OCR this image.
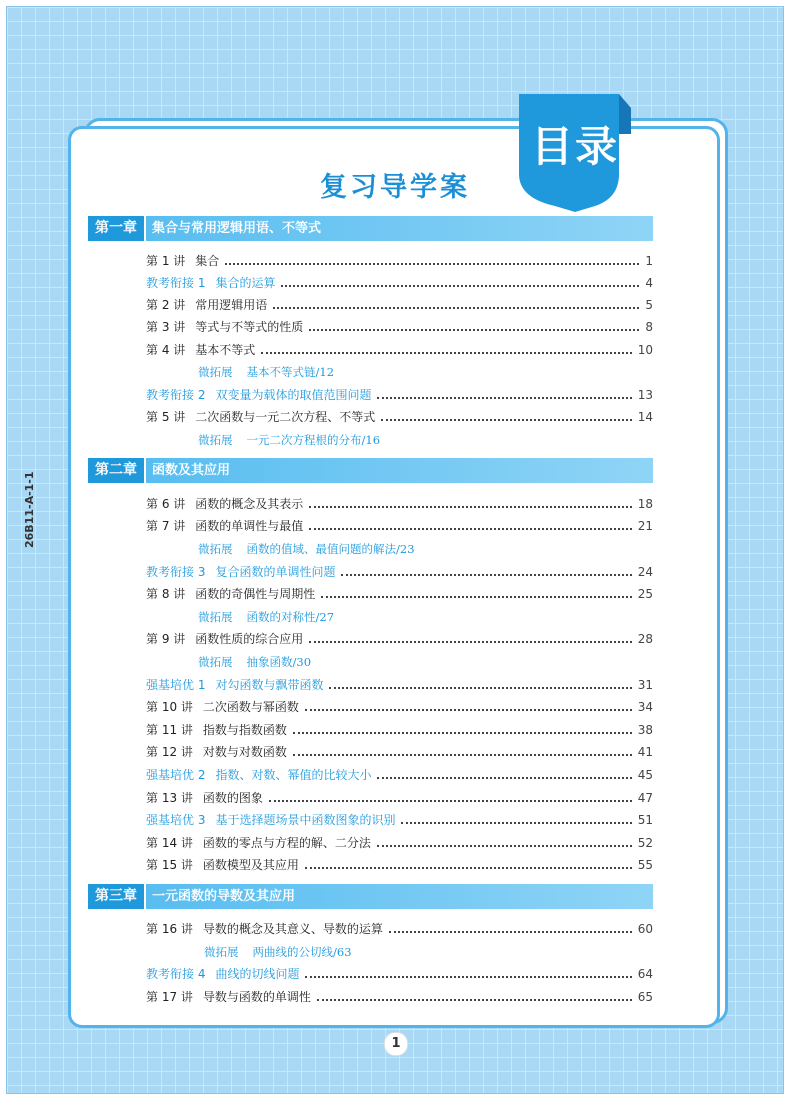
26B11-A-1-1
目录
复习导学案
第一章	集合与常用逻辑用语、不等式
第 1 讲 集合	1
教考衔接 1 集合的运算	4
第 2 讲 常用逻辑用语	5
第 3 讲 等式与不等式的性质	8
第 4 讲 基本不等式	10
微拓展 基本不等式链/12
教考衔接 2 双变量为载体的取值范围问题	13
第 5 讲 二次函数与一元二次方程、不等式	14
微拓展 一元二次方程根的分布/16
第二章	函数及其应用
第 6 讲 函数的概念及其表示	18
第 7 讲 函数的单调性与最值	21
微拓展 函数的值域、最值问题的解法/23
教考衔接 3 复合函数的单调性问题	24
第 8 讲 函数的奇偶性与周期性	25
微拓展 函数的对称性/27
第 9 讲 函数性质的综合应用	28
微拓展 抽象函数/30
强基培优 1 对勾函数与飘带函数	31
第 10 讲 二次函数与幂函数	34
第 11 讲 指数与指数函数	38
第 12 讲 对数与对数函数	41
强基培优 2 指数、对数、幂值的比较大小	45
第 13 讲 函数的图象	47
强基培优 3 基于选择题场景中函数图象的识别	51
第 14 讲 函数的零点与方程的解、二分法	52
第 15 讲 函数模型及其应用	55
第三章	一元函数的导数及其应用
第 16 讲 导数的概念及其意义、导数的运算	60
微拓展 两曲线的公切线/63
教考衔接 4 曲线的切线问题	64
第 17 讲 导数与函数的单调性	65
1
